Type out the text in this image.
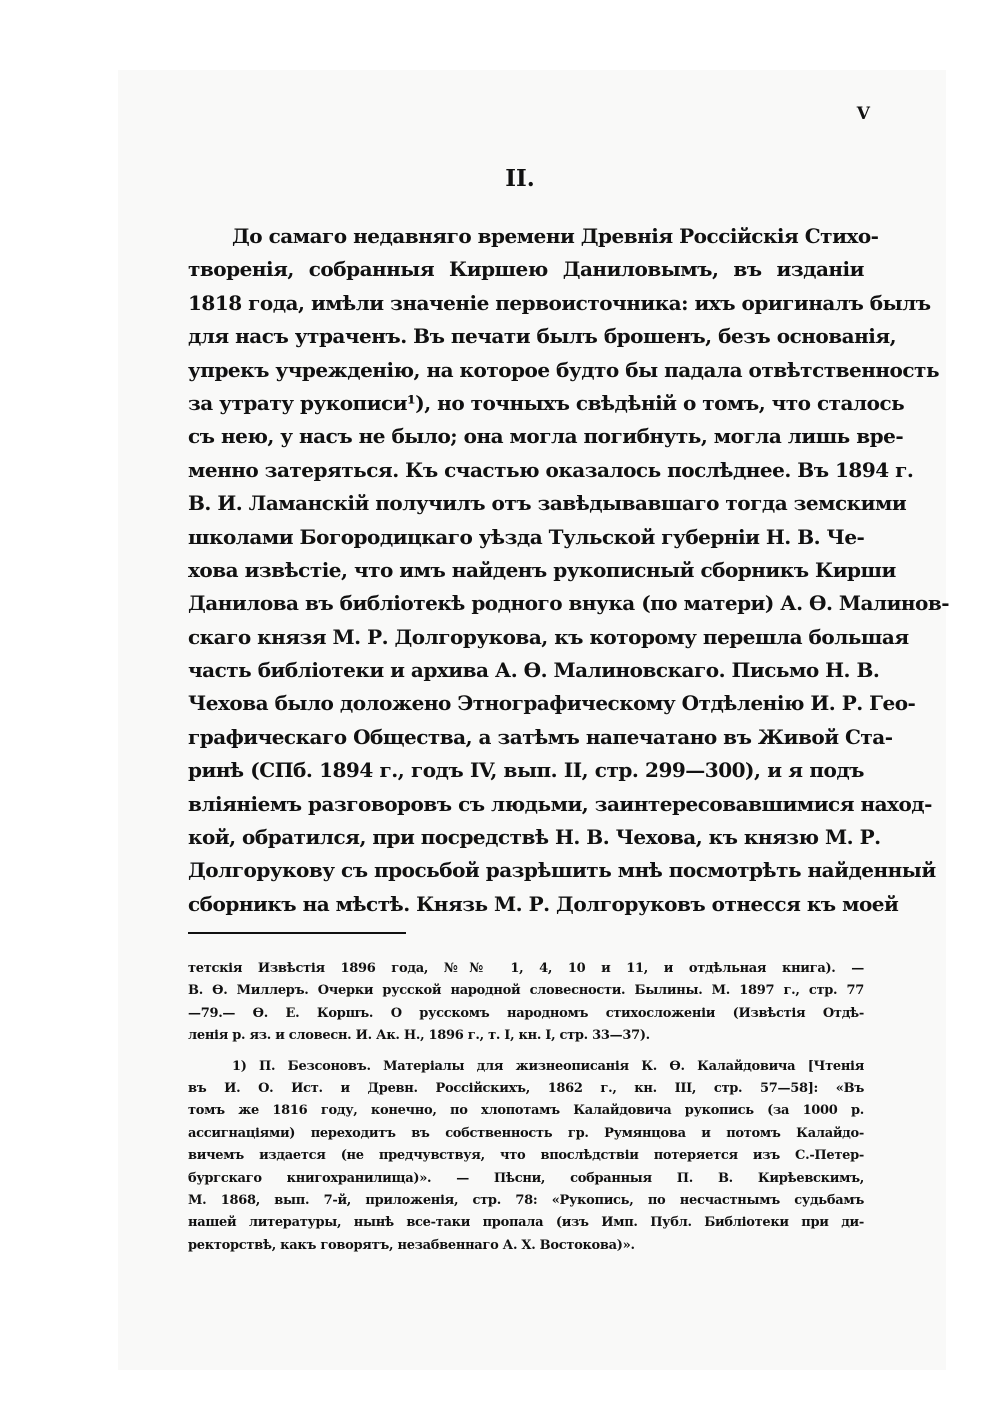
V
II.
До самаго недавняго времени Древнія Россійскія Стихо-
творенія, собранныя Киршею Даниловымъ, въ изданіи
1818 года, имѣли значеніе первоисточника: ихъ оригиналъ былъ
для насъ утраченъ. Въ печати былъ брошенъ, безъ основанія,
упрекъ учрежденію, на которое будто бы падала отвѣтственность
за утрату рукописи¹), но точныхъ свѣдѣній о томъ, что сталось
съ нею, у насъ не было; она могла погибнуть, могла лишь вре-
менно затеряться. Къ счастью оказалось послѣднее. Въ 1894 г.
В. И. Ламанскій получилъ отъ завѣдывавшаго тогда земскими
школами Богородицкаго уѣзда Тульской губерніи Н. В. Че-
хова извѣстіе, что имъ найденъ рукописный сборникъ Кирши
Данилова въ библіотекѣ родного внука (по матери) А. Ѳ. Малинов-
скаго князя М. Р. Долгорукова, къ которому перешла большая
часть библіотеки и архива А. Ѳ. Малиновскаго. Письмо Н. В.
Чехова было доложено Этнографическому Отдѣленію И. Р. Гео-
графическаго Общества, а затѣмъ напечатано въ Живой Ста-
ринѣ (СПб. 1894 г., годъ IV, вып. II, стр. 299—300), и я подъ
вліяніемъ разговоровъ съ людьми, заинтересовавшимися наход-
кой, обратился, при посредствѣ Н. В. Чехова, къ князю М. Р.
Долгорукову съ просьбой разрѣшить мнѣ посмотрѣть найденный
сборникъ на мѣстѣ. Князь М. Р. Долгоруковъ отнесся къ моей
тетскія Извѣстія 1896 года, №№ 1, 4, 10 и 11, и отдѣльная книга). —
В. Ѳ. Миллеръ. Очерки русской народной словесности. Былины. М. 1897 г., стр. 77
—79.— Ѳ. Е. Коршъ. О русскомъ народномъ стихосложеніи (Извѣстія Отдѣ-
ленія р. яз. и словесн. И. Ак. Н., 1896 г., т. I, кн. I, стр. 33—37).
1) П. Безсоновъ. Матеріалы для жизнеописанія К. Ѳ. Калайдовича [Чтенія
въ И. О. Ист. и Древн. Россійскихъ, 1862 г., кн. III, стр. 57—58]: «Въ
томъ же 1816 году, конечно, по хлопотамъ Калайдовича рукопись (за 1000 р.
ассигнаціями) переходитъ въ собственность гр. Румянцова и потомъ Калайдо-
вичемъ издается (не предчувствуя, что впослѣдствіи потеряется изъ С.-Петер-
бургскаго книгохранилища)». — Пѣсни, собранныя П. В. Кирѣевскимъ,
М. 1868, вып. 7-й, приложенія, стр. 78: «Рукопись, по несчастнымъ судьбамъ
нашей литературы, нынѣ все-таки пропала (изъ Имп. Публ. Библіотеки при ди-
ректорствѣ, какъ говорятъ, незабвеннаго А. Х. Востокова)».
